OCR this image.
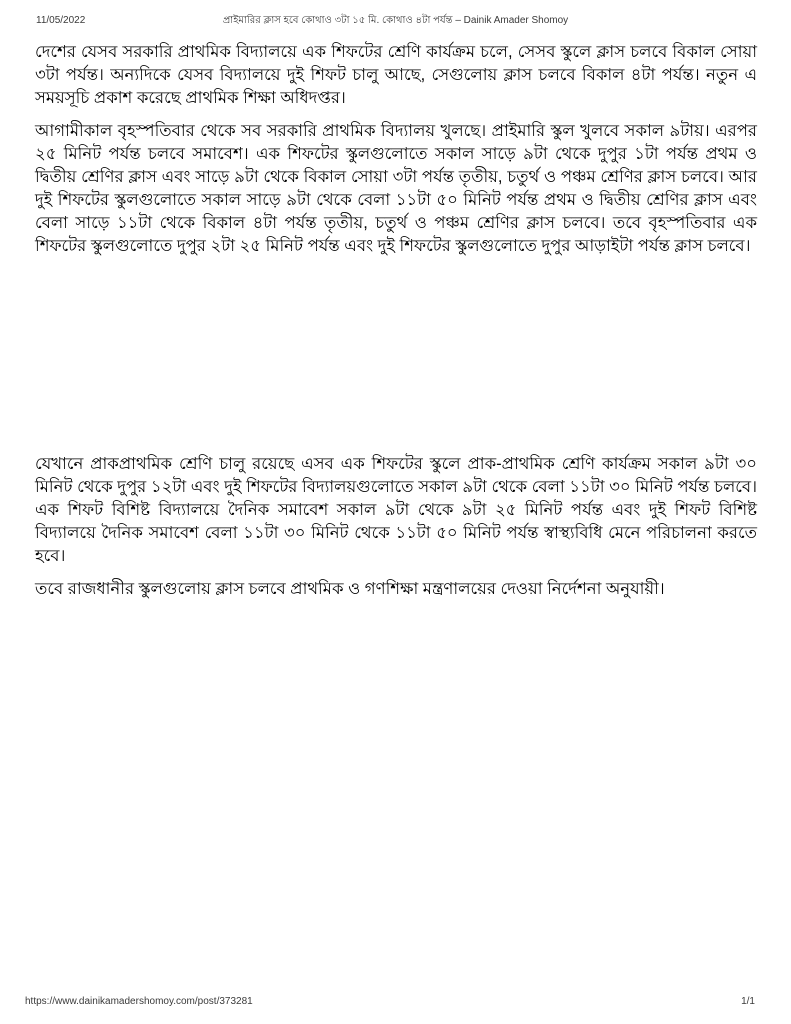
11/05/2022	প্রাইমারির ক্লাস হবে কোথাও ৩টা ১৫ মি. কোথাও ৪টা পর্যন্ত – Dainik Amader Shomoy

দেশের যেসব সরকারি প্রাথমিক বিদ্যালয়ে এক শিফটের শ্রেণি কার্যক্রম চলে, সেসব স্কুলে ক্লাস চলবে বিকাল সোয়া ৩টা পর্যন্ত। অন্যদিকে যেসব বিদ্যালয়ে দুই শিফট চালু আছে, সেগুলোয় ক্লাস চলবে বিকাল ৪টা পর্যন্ত। নতুন এ সময়সূচি প্রকাশ করেছে প্রাথমিক শিক্ষা অধিদপ্তর।

আগামীকাল বৃহস্পতিবার থেকে সব সরকারি প্রাথমিক বিদ্যালয় খুলছে। প্রাইমারি স্কুল খুলবে সকাল ৯টায়। এরপর ২৫ মিনিট পর্যন্ত চলবে সমাবেশ। এক শিফটের স্কুলগুলোতে সকাল সাড়ে ৯টা থেকে দুপুর ১টা পর্যন্ত প্রথম ও দ্বিতীয় শ্রেণির ক্লাস এবং সাড়ে ৯টা থেকে বিকাল সোয়া ৩টা পর্যন্ত তৃতীয়, চতুর্থ ও পঞ্চম শ্রেণির ক্লাস চলবে। আর দুই শিফটের স্কুলগুলোতে সকাল সাড়ে ৯টা থেকে বেলা ১১টা ৫০ মিনিট পর্যন্ত প্রথম ও দ্বিতীয় শ্রেণির ক্লাস এবং বেলা সাড়ে ১১টা থেকে বিকাল ৪টা পর্যন্ত তৃতীয়, চতুর্থ ও পঞ্চম শ্রেণির ক্লাস চলবে। তবে বৃহস্পতিবার এক শিফটের স্কুলগুলোতে দুপুর ২টা ২৫ মিনিট পর্যন্ত এবং দুই শিফটের স্কুলগুলোতে দুপুর আড়াইটা পর্যন্ত ক্লাস চলবে।

যেখানে প্রাকপ্রাথমিক শ্রেণি চালু রয়েছে এসব এক শিফটের স্কুলে প্রাক-প্রাথমিক শ্রেণি কার্যক্রম সকাল ৯টা ৩০ মিনিট থেকে দুপুর ১২টা এবং দুই শিফটের বিদ্যালয়গুলোতে সকাল ৯টা থেকে বেলা ১১টা ৩০ মিনিট পর্যন্ত চলবে। এক শিফট বিশিষ্ট বিদ্যালয়ে দৈনিক সমাবেশ সকাল ৯টা থেকে ৯টা ২৫ মিনিট পর্যন্ত এবং দুই শিফট বিশিষ্ট বিদ্যালয়ে দৈনিক সমাবেশ বেলা ১১টা ৩০ মিনিট থেকে ১১টা ৫০ মিনিট পর্যন্ত স্বাস্থ্যবিধি মেনে পরিচালনা করতে হবে।

তবে রাজধানীর স্কুলগুলোয় ক্লাস চলবে প্রাথমিক ও গণশিক্ষা মন্ত্রণালয়ের দেওয়া নির্দেশনা অনুযায়ী।

https://www.dainikamadershomoy.com/post/373281	1/1
